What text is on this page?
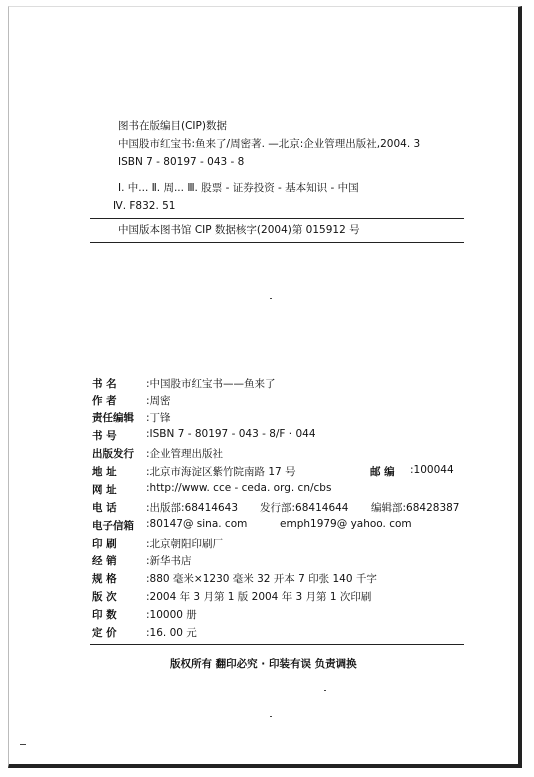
图书在版编目(CIP)数据
中国股市红宝书:鱼来了/周密著. —北京:企业管理出版社,2004. 3
ISBN 7 - 80197 - 043 - 8
Ⅰ. 中... Ⅱ. 周... Ⅲ. 股票 - 证券投资 - 基本知识 - 中国
Ⅳ. F832. 51
中国版本图书馆 CIP 数据核字(2004)第 015912 号
书 名	:中国股市红宝书——鱼来了
作 者	:周密
责任编辑 :丁锋
书 号	:ISBN 7 - 80197 - 043 - 8/F · 044
出版发行 :企业管理出版社
地 址	:北京市海淀区紫竹院南路 17 号	邮 编 :100044
网 址	:http://www. cce - ceda. org. cn/cbs
电 话	:出版部:68414643 发行部:68414644 编辑部:68428387
电子信箱 :80147@ sina. com	emph1979@ yahoo. com
印 刷	:北京朝阳印刷厂
经 销	:新华书店
规 格	:880 毫米×1230 毫米 32 开本 7 印张 140 千字
版 次	:2004 年 3 月第 1 版 2004 年 3 月第 1 次印刷
印 数	:10000 册
定 价	:16. 00 元
版权所有 翻印必究 · 印装有误 负责调换
